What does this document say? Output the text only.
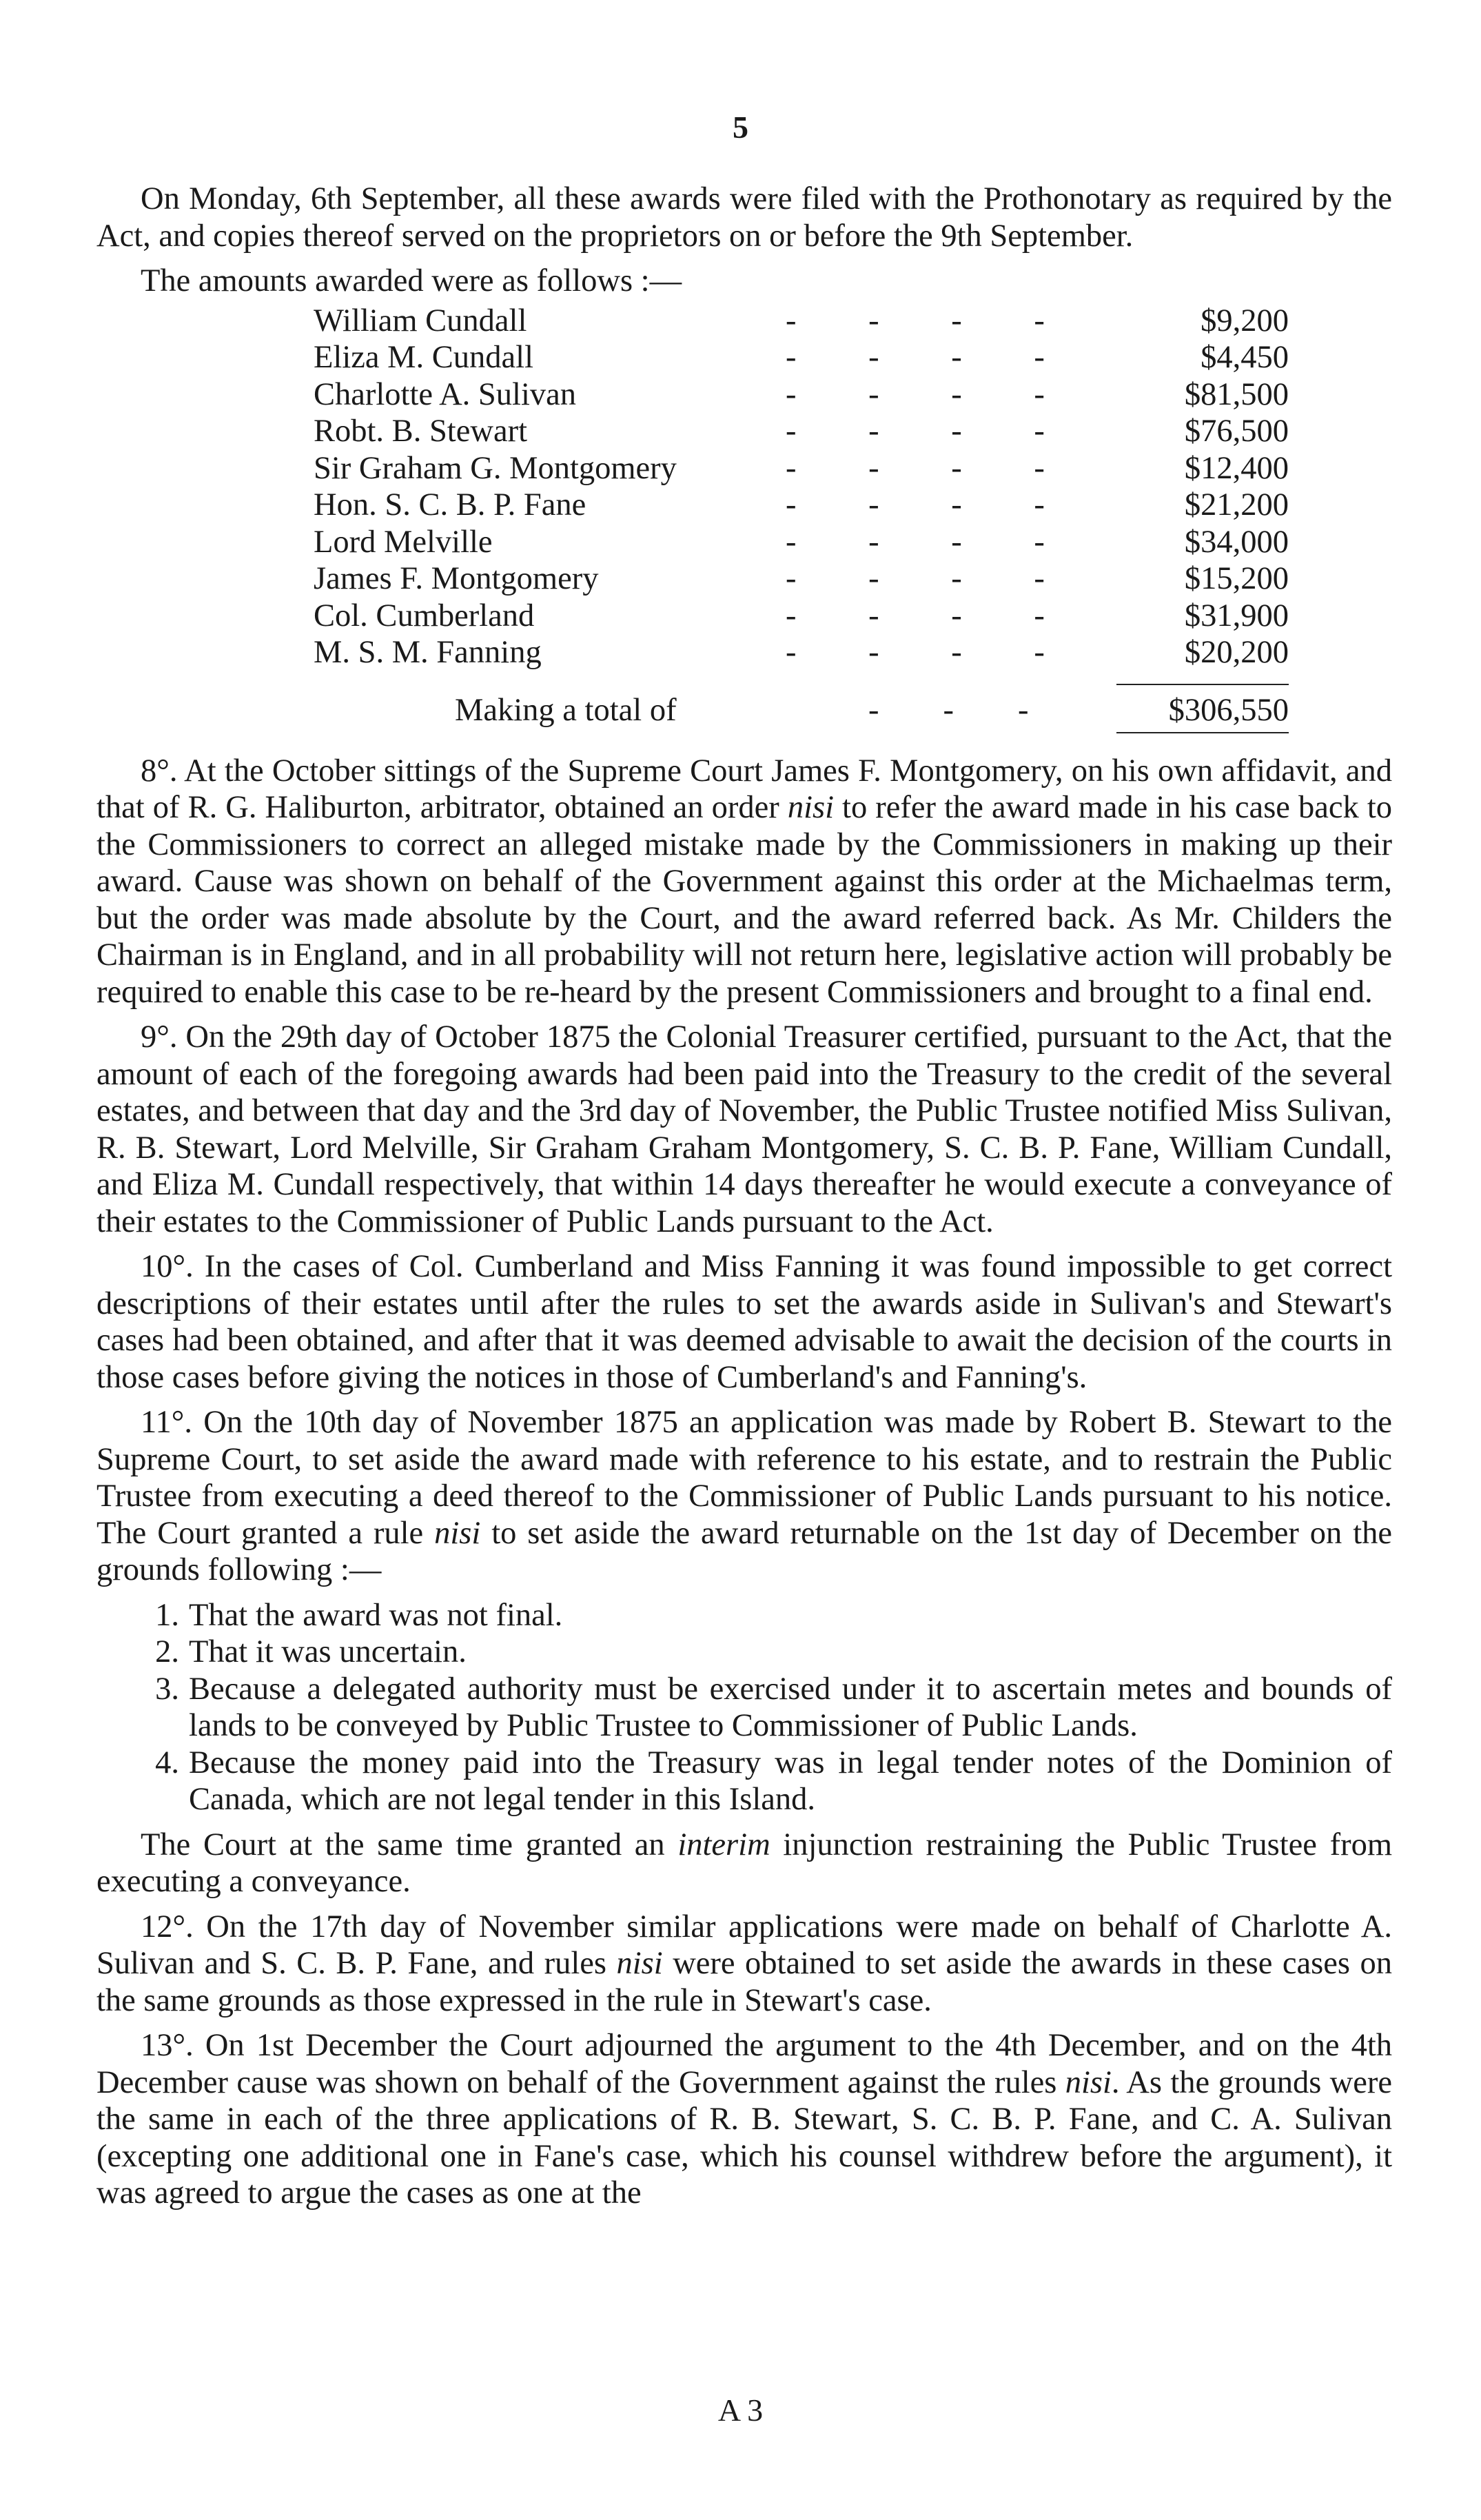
5

On Monday, 6th September, all these awards were filed with the Prothonotary as required by the Act, and copies thereof served on the proprietors on or before the 9th September.

The amounts awarded were as follows :—

William Cundall	-         -         -         -	$9,200
Eliza M. Cundall	-         -         -         -	$4,450
Charlotte A. Sulivan	-         -         -         -	$81,500
Robt. B. Stewart	-         -         -         -	$76,500
Sir Graham G. Montgomery	-         -         -         -	$12,400
Hon. S. C. B. P. Fane	-         -         -         -	$21,200
Lord Melville	-         -         -         -	$34,000
James F. Montgomery	-         -         -         -	$15,200
Col. Cumberland	-         -         -         -	$31,900
M. S. M. Fanning	-         -         -         -	$20,200
Making a total of	-        -        -	$306,550

8°. At the October sittings of the Supreme Court James F. Montgomery, on his own affidavit, and that of R. G. Haliburton, arbitrator, obtained an order nisi to refer the award made in his case back to the Commissioners to correct an alleged mistake made by the Commissioners in making up their award. Cause was shown on behalf of the Government against this order at the Michaelmas term, but the order was made absolute by the Court, and the award referred back. As Mr. Childers the Chairman is in England, and in all probability will not return here, legislative action will probably be required to enable this case to be re-heard by the present Commissioners and brought to a final end.

9°. On the 29th day of October 1875 the Colonial Treasurer certified, pursuant to the Act, that the amount of each of the foregoing awards had been paid into the Treasury to the credit of the several estates, and between that day and the 3rd day of November, the Public Trustee notified Miss Sulivan, R. B. Stewart, Lord Melville, Sir Graham Graham Montgomery, S. C. B. P. Fane, William Cundall, and Eliza M. Cundall respectively, that within 14 days thereafter he would execute a conveyance of their estates to the Commissioner of Public Lands pursuant to the Act.

10°. In the cases of Col. Cumberland and Miss Fanning it was found impossible to get correct descriptions of their estates until after the rules to set the awards aside in Sulivan's and Stewart's cases had been obtained, and after that it was deemed advisable to await the decision of the courts in those cases before giving the notices in those of Cumberland's and Fanning's.

11°. On the 10th day of November 1875 an application was made by Robert B. Stewart to the Supreme Court, to set aside the award made with reference to his estate, and to restrain the Public Trustee from executing a deed thereof to the Commissioner of Public Lands pursuant to his notice. The Court granted a rule nisi to set aside the award returnable on the 1st day of December on the grounds following :—

1. That the award was not final.
2. That it was uncertain.
3. Because a delegated authority must be exercised under it to ascertain metes and bounds of lands to be conveyed by Public Trustee to Commissioner of Public Lands.
4. Because the money paid into the Treasury was in legal tender notes of the Dominion of Canada, which are not legal tender in this Island.

The Court at the same time granted an interim injunction restraining the Public Trustee from executing a conveyance.

12°. On the 17th day of November similar applications were made on behalf of Charlotte A. Sulivan and S. C. B. P. Fane, and rules nisi were obtained to set aside the awards in these cases on the same grounds as those expressed in the rule in Stewart's case.

13°. On 1st December the Court adjourned the argument to the 4th December, and on the 4th December cause was shown on behalf of the Government against the rules nisi. As the grounds were the same in each of the three applications of R. B. Stewart, S. C. B. P. Fane, and C. A. Sulivan (excepting one additional one in Fane's case, which his counsel withdrew before the argument), it was agreed to argue the cases as one at the

A 3
